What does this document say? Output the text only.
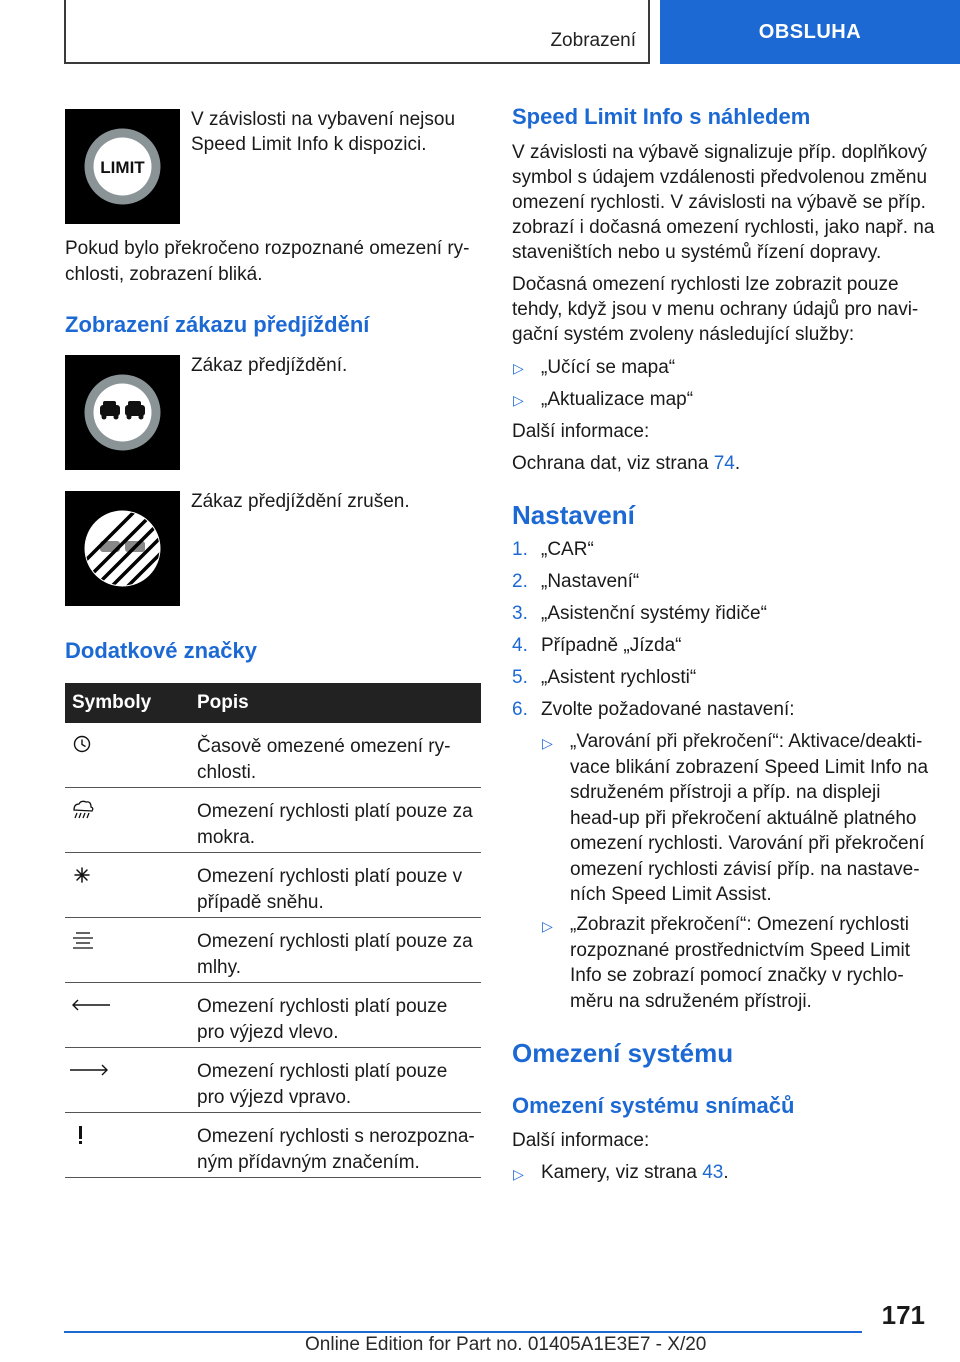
Zobrazení	OBSLUHA
LIMIT
V závislosti na vybavení nejsou
Speed Limit Info k dispozici.
Pokud bylo překročeno rozpoznané omezení ry-
chlosti, zobrazení bliká.
Zobrazení zákazu předjíždění
Zákaz předjíždění.
Zákaz předjíždění zrušen.
Dodatkové značky
Symboly	Popis
Časově omezené omezení ry-
chlosti.
Omezení rychlosti platí pouze za
mokra.
Omezení rychlosti platí pouze v
případě sněhu.
Omezení rychlosti platí pouze za
mlhy.
Omezení rychlosti platí pouze
pro výjezd vlevo.
Omezení rychlosti platí pouze
pro výjezd vpravo.
Omezení rychlosti s nerozpozna-
ným přídavným značením.
Speed Limit Info s náhledem
V závislosti na výbavě signalizuje příp. doplňkový
symbol s údajem vzdálenosti předvolenou změnu
omezení rychlosti. V závislosti na výbavě se příp.
zobrazí i dočasná omezení rychlosti, jako např. na
staveništích nebo u systémů řízení dopravy.
Dočasná omezení rychlosti lze zobrazit pouze
tehdy, když jsou v menu ochrany údajů pro navi-
gační systém zvoleny následující služby:
▷ „Učící se mapa“
▷ „Aktualizace map“
Další informace:
Ochrana dat, viz strana 74.
Nastavení
1. „CAR“
2. „Nastavení“
3. „Asistenční systémy řidiče“
4. Případně „Jízda“
5. „Asistent rychlosti“
6. Zvolte požadované nastavení:
▷ „Varování při překročení“: Aktivace/deakti-
vace blikání zobrazení Speed Limit Info na
sdruženém přístroji a příp. na displeji
head-up při překročení aktuálně platného
omezení rychlosti. Varování při překročení
omezení rychlosti závisí příp. na nastave-
ních Speed Limit Assist.
▷ „Zobrazit překročení“: Omezení rychlosti
rozpoznané prostřednictvím Speed Limit
Info se zobrazí pomocí značky v rychlo-
měru na sdruženém přístroji.
Omezení systému
Omezení systému snímačů
Další informace:
▷ Kamery, viz strana 43.
171
Online Edition for Part no. 01405A1E3E7 - X/20
